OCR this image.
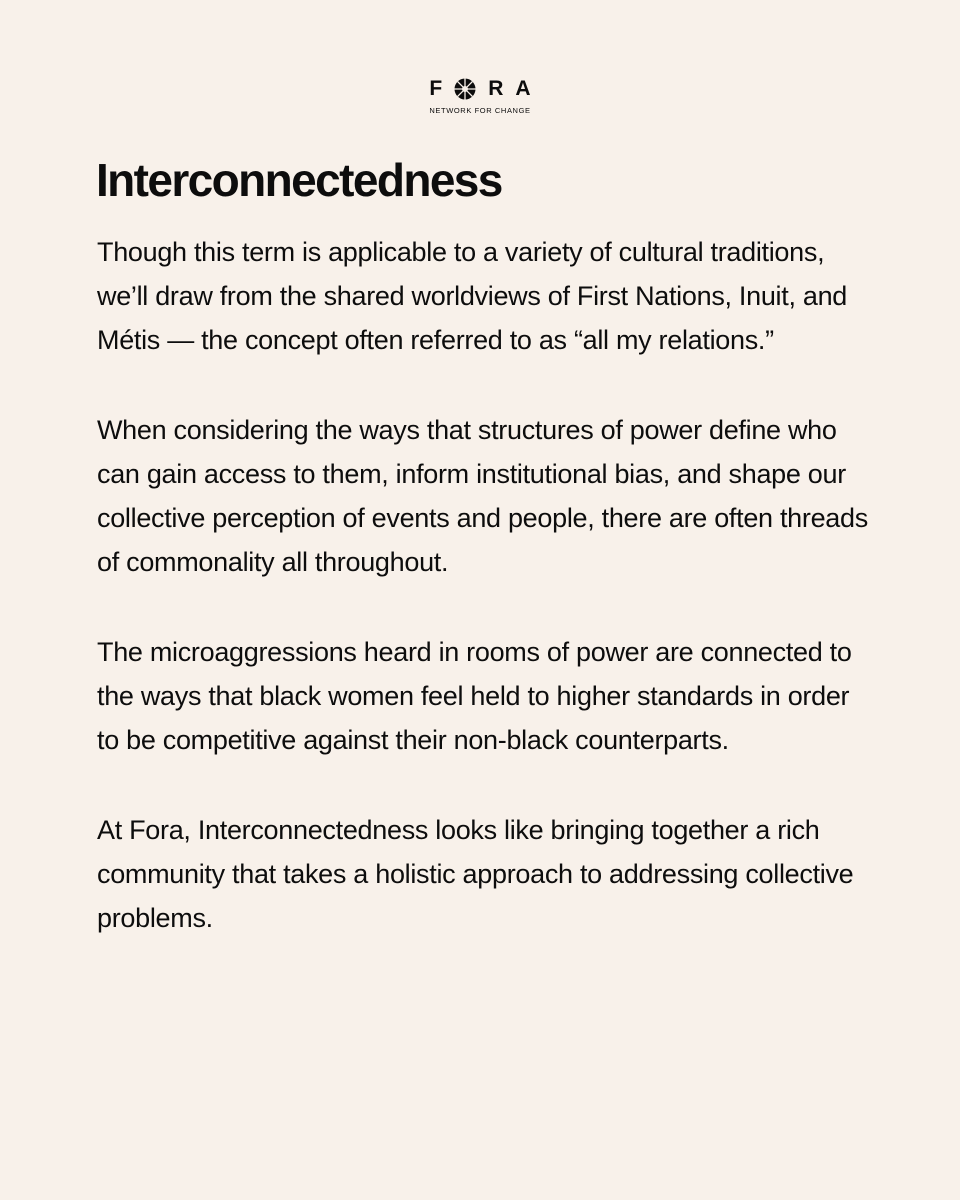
F R A
NETWORK FOR CHANGE
Interconnectedness

Though this term is applicable to a variety of cultural traditions, we’ll draw from the shared worldviews of First Nations, Inuit, and Métis — the concept often referred to as “all my relations.”

When considering the ways that structures of power define who can gain access to them, inform institutional bias, and shape our collective perception of events and people, there are often threads of commonality all throughout.

The microaggressions heard in rooms of power are connected to the ways that black women feel held to higher standards in order to be competitive against their non-black counterparts.

At Fora, Interconnectedness looks like bringing together a rich community that takes a holistic approach to addressing collective problems.
